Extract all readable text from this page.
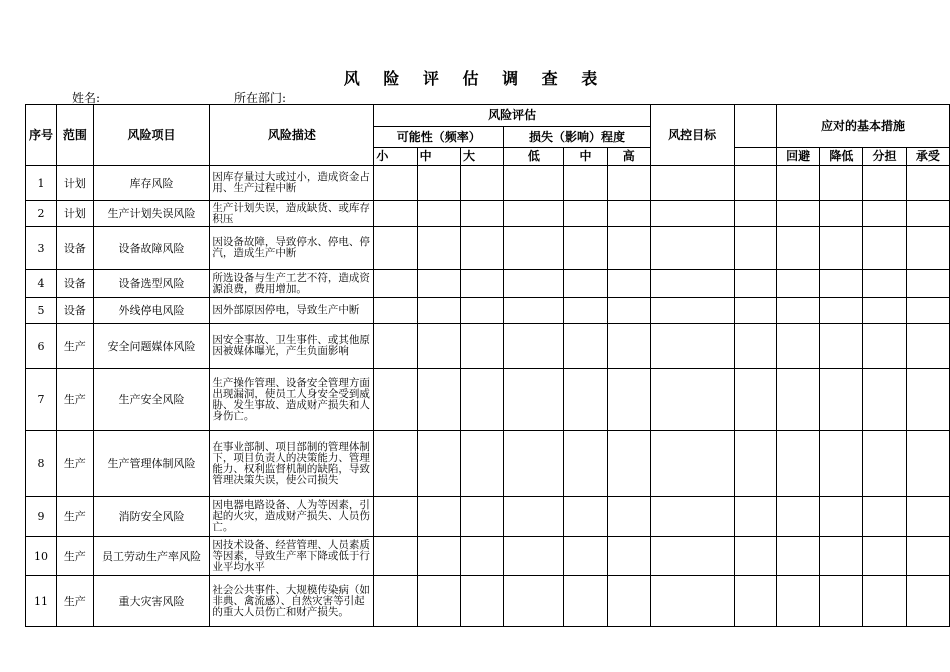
风 险 评 估 调 查 表
姓名:	所在部门:
序号	范围	风险项目	风险描述	风险评估						风控目标		应对的基本措施			
				可能性（频率）			损失（影响）程度								
				小	中	大	低	中	高			回避	降低	分担	承受
1	计划	库存风险	因库存量过大或过小，造成资金占用、生产过程中断												
2	计划	生产计划失误风险	生产计划失误，造成缺货、或库存积压												
3	设备	设备故障风险	因设备故障，导致停水、停电、停汽，造成生产中断												
4	设备	设备选型风险	所选设备与生产工艺不符，造成资源浪费，费用增加。												
5	设备	外线停电风险	因外部原因停电，导致生产中断												
6	生产	安全问题媒体风险	因安全事故、卫生事件、或其他原因被媒体曝光，产生负面影响												
7	生产	生产安全风险	生产操作管理、设备安全管理方面出现漏洞，使员工人身安全受到威胁、发生事故、造成财产损失和人身伤亡。												
8	生产	生产管理体制风险	在事业部制、项目部制的管理体制下，项目负责人的决策能力、管理能力、权利监督机制的缺陷，导致管理决策失误，使公司损失												
9	生产	消防安全风险	因电器电路设备、人为等因素，引起的火灾，造成财产损失、人员伤亡。												
10	生产	员工劳动生产率风险	因技术设备、经营管理、人员素质等因素，导致生产率下降或低于行业平均水平												
11	生产	重大灾害风险	社会公共事件、大规模传染病（如非典、禽流感）、自然灾害等引起的重大人员伤亡和财产损失。												
